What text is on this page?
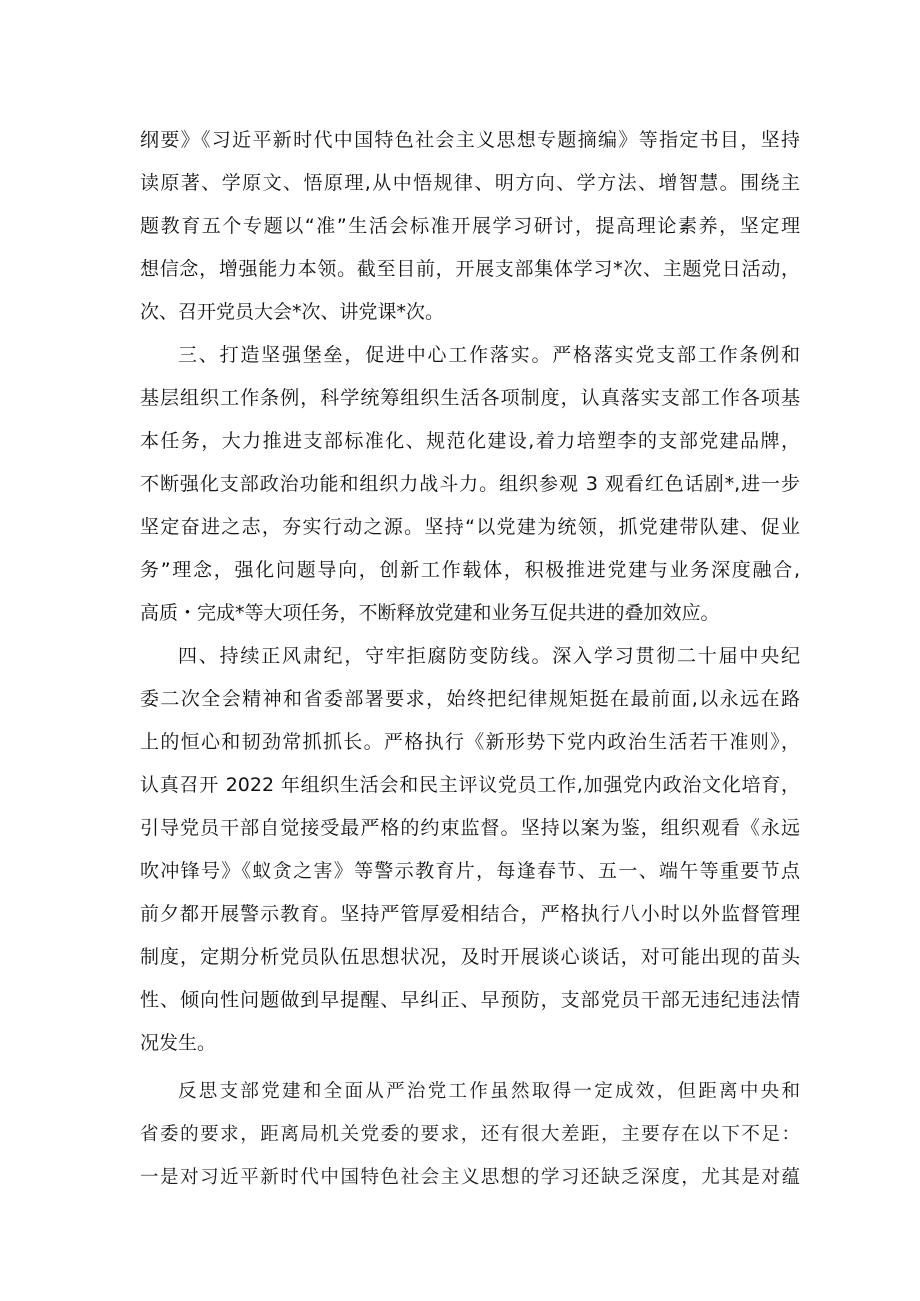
纲要》《习近平新时代中国特色社会主义思想专题摘编》等指定书目，坚持
读原著、学原文、悟原理,从中悟规律、明方向、学方法、增智慧。围绕主
题教育五个专题以“准”生活会标准开展学习研讨，提高理论素养，坚定理
想信念，增强能力本领。截至目前，开展支部集体学习*次、主题党日活动，
次、召开党员大会*次、讲党课*次。
三、打造坚强堡垒，促进中心工作落实。严格落实党支部工作条例和
基层组织工作条例，科学统筹组织生活各项制度，认真落实支部工作各项基
本任务，大力推进支部标准化、规范化建设,着力培塑李的支部党建品牌，
不断强化支部政治功能和组织力战斗力。组织参观 3 观看红色话剧*,进一步
坚定奋进之志，夯实行动之源。坚持“以党建为统领，抓党建带队建、促业
务”理念，强化问题导向，创新工作载体，积极推进党建与业务深度融合,
高质・完成*等大项任务，不断释放党建和业务互促共进的叠加效应。
四、持续正风肃纪，守牢拒腐防变防线。深入学习贯彻二十届中央纪
委二次全会精神和省委部署要求，始终把纪律规矩挺在最前面,以永远在路
上的恒心和韧劲常抓抓长。严格执行《新形势下党内政治生活若干准则》，
认真召开 2022 年组织生活会和民主评议党员工作,加强党内政治文化培育，
引导党员干部自觉接受最严格的约束监督。坚持以案为鉴，组织观看《永远
吹冲锋号》《蚁贪之害》等警示教育片，每逢春节、五一、端午等重要节点
前夕都开展警示教育。坚持严管厚爱相结合，严格执行八小时以外监督管理
制度，定期分析党员队伍思想状况，及时开展谈心谈话，对可能出现的苗头
性、倾向性问题做到早提醒、早纠正、早预防，支部党员干部无违纪违法情
况发生。
反思支部党建和全面从严治党工作虽然取得一定成效，但距离中央和
省委的要求，距离局机关党委的要求，还有很大差距，主要存在以下不足：
一是对习近平新时代中国特色社会主义思想的学习还缺乏深度，尤其是对蕴
